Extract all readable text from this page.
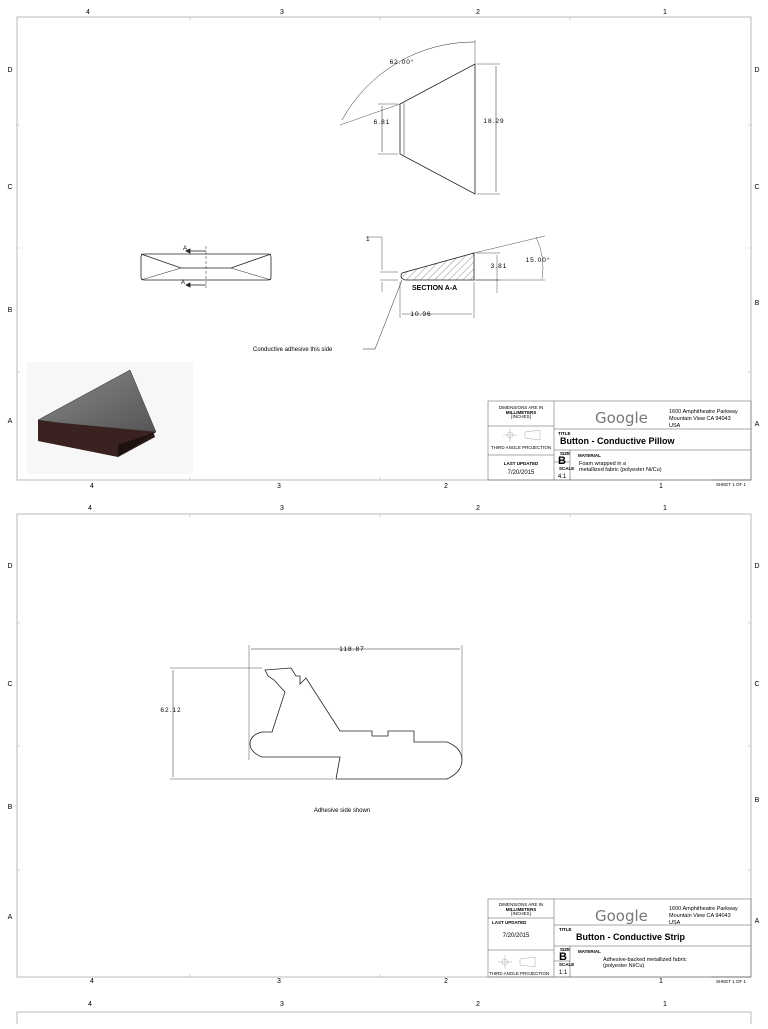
4	3	2	1
4	3	2	1
D
C
B
A
D
C
B
A
62.00°
6.81	18.29
A
A
1
3.81
15.00°
10.96
SECTION A-A
Conductive adhesive this side
DIMENSIONS ARE IN
MILLIMETERS
[INCHES]
THIRD ANGLE PROJECTION
LAST UPDATED
7/20/2015
Google	1600 Amphitheatre Parkway
Mountain View CA 94043
USA
TITLE
Button - Conductive Pillow
SIZE
B
SCALE
4:1
MATERIAL
Foam wrapped in a
metallized fabric (polyester Ni/Cu)
SHEET 1 OF 1
4	3	2	1
4	3	2	1
D
C
B
A
D
C
B
A
118.87
62.12
Adhesive side shown
DIMENSIONS ARE IN
MILLIMETERS
[INCHES]
LAST UPDATED
7/20/2015
THIRD ANGLE PROJECTION
Google	1600 Amphitheatre Parkway
Mountain View CA 94043
USA
TITLE
Button - Conductive Strip
SIZE
B
SCALE
1:1
MATERIAL
Adhesive-backed metallized fabric
(polyester Ni/Cu)
SHEET 1 OF 1
4	3	2	1
